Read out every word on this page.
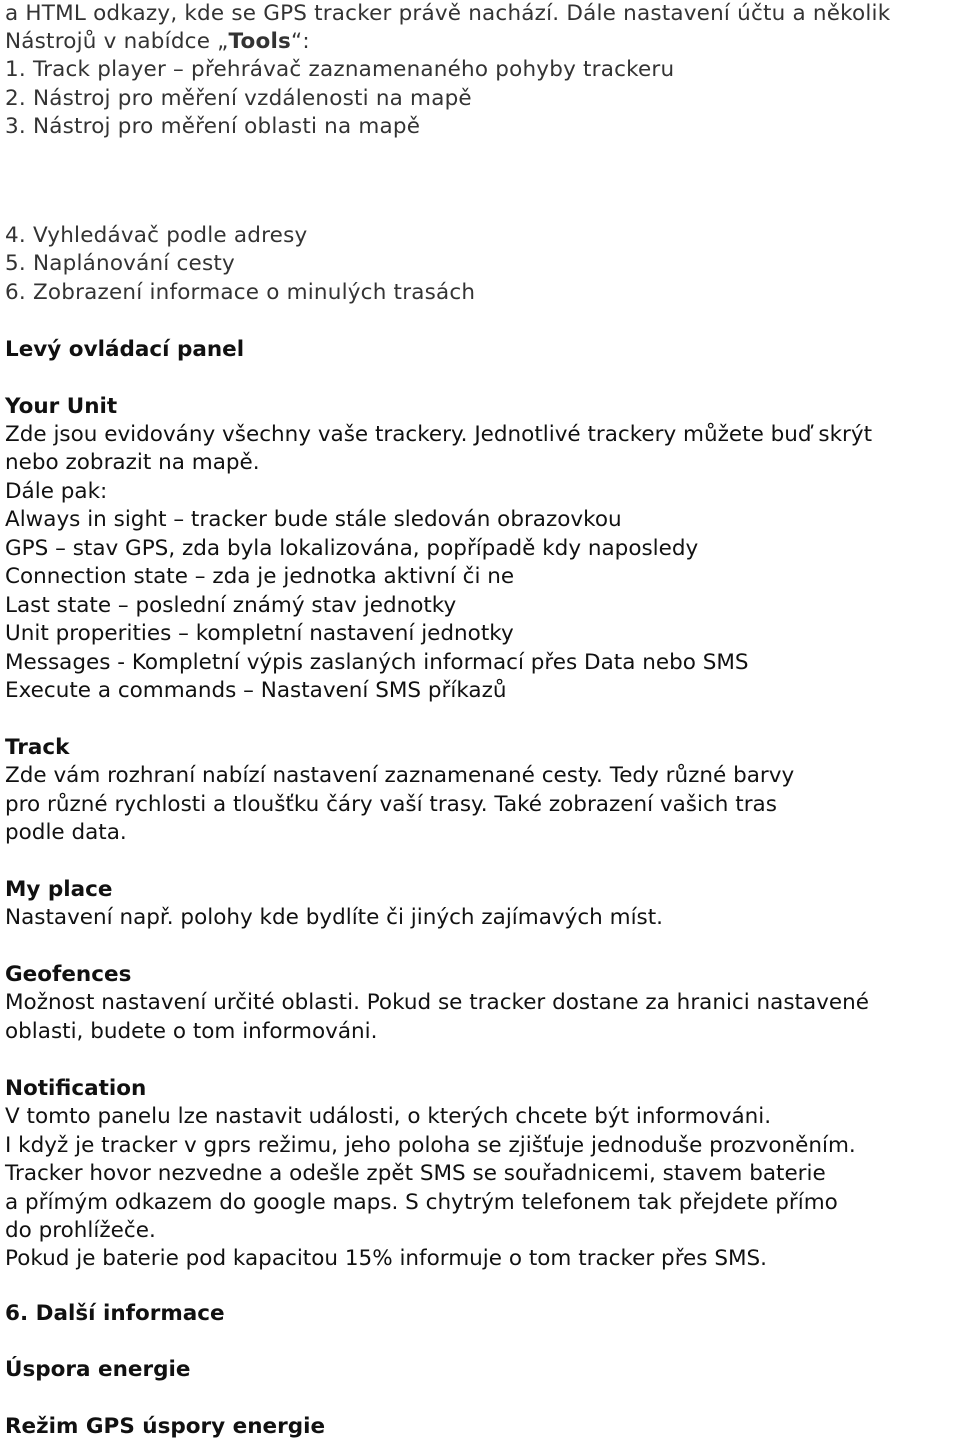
a HTML odkazy, kde se GPS tracker právě nachází. Dále nastavení účtu a několik
Nástrojů v nabídce „Tools“:
1. Track player – přehrávač zaznamenaného pohyby trackeru
2. Nástroj pro měření vzdálenosti na mapě
3. Nástroj pro měření oblasti na mapě
4. Vyhledávač podle adresy
5. Naplánování cesty
6. Zobrazení informace o minulých trasách
Levý ovládací panel
Your Unit
Zde jsou evidovány všechny vaše trackery. Jednotlivé trackery můžete buď skrýt
nebo zobrazit na mapě.
Dále pak:
Always in sight – tracker bude stále sledován obrazovkou
GPS – stav GPS, zda byla lokalizována, popřípadě kdy naposledy
Connection state – zda je jednotka aktivní či ne
Last state – poslední známý stav jednotky
Unit properities – kompletní nastavení jednotky
Messages - Kompletní výpis zaslaných informací přes Data nebo SMS
Execute a commands – Nastavení SMS příkazů
Track
Zde vám rozhraní nabízí nastavení zaznamenané cesty. Tedy různé barvy
pro různé rychlosti a tloušťku čáry vaší trasy. Také zobrazení vašich tras
podle data.
My place
Nastavení např. polohy kde bydlíte či jiných zajímavých míst.
Geofences
Možnost nastavení určité oblasti. Pokud se tracker dostane za hranici nastavené
oblasti, budete o tom informováni.
Notification
V tomto panelu lze nastavit události, o kterých chcete být informováni.
I když je tracker v gprs režimu, jeho poloha se zjišťuje jednoduše prozvoněním.
Tracker hovor nezvedne a odešle zpět SMS se souřadnicemi, stavem baterie
a přímým odkazem do google maps. S chytrým telefonem tak přejdete přímo
do prohlížeče.
Pokud je baterie pod kapacitou 15% informuje o tom tracker přes SMS.
6. Další informace
Úspora energie
Režim GPS úspory energie
